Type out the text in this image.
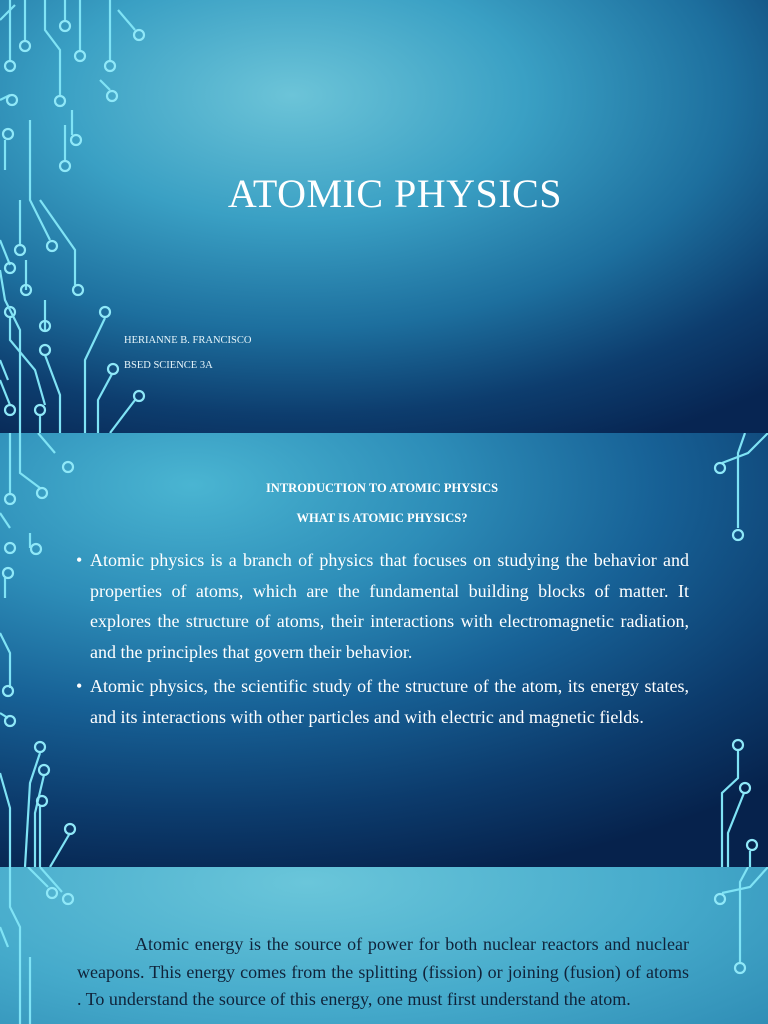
ATOMIC PHYSICS
HERIANNE B. FRANCISCO
BSED SCIENCE 3A
INTRODUCTION TO ATOMIC PHYSICS
WHAT IS ATOMIC PHYSICS?
• Atomic physics is a branch of physics that focuses on studying the behavior and properties of atoms, which are the fundamental building blocks of matter. It explores the structure of atoms, their interactions with electromagnetic radiation, and the principles that govern their behavior.
• Atomic physics, the scientific study of the structure of the atom, its energy states, and its interactions with other particles and with electric and magnetic fields.

Atomic energy is the source of power for both nuclear reactors and nuclear weapons. This energy comes from the splitting (fission) or joining (fusion) of atoms . To understand the source of this energy, one must first understand the atom.
